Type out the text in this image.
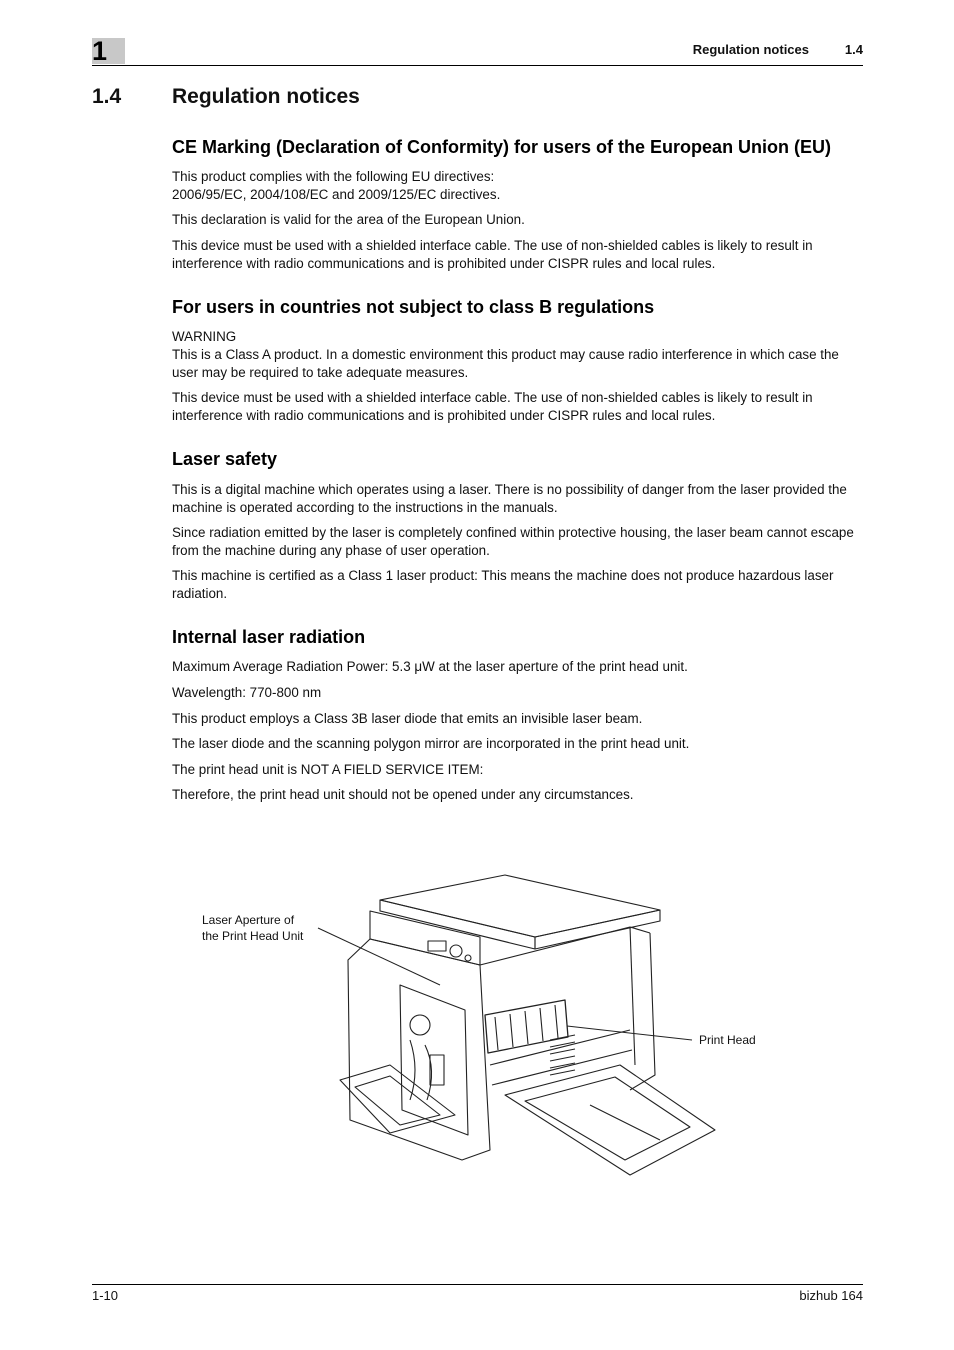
1	Regulation notices	1.4
1.4 Regulation notices
CE Marking (Declaration of Conformity) for users of the European Union (EU)

This product complies with the following EU directives:
2006/95/EC, 2004/108/EC and 2009/125/EC directives.

This declaration is valid for the area of the European Union.

This device must be used with a shielded interface cable. The use of non-shielded cables is likely to result in interference with radio communications and is prohibited under CISPR rules and local rules.

For users in countries not subject to class B regulations

WARNING
This is a Class A product. In a domestic environment this product may cause radio interference in which case the user may be required to take adequate measures.

This device must be used with a shielded interface cable. The use of non-shielded cables is likely to result in interference with radio communications and is prohibited under CISPR rules and local rules.

Laser safety

This is a digital machine which operates using a laser. There is no possibility of danger from the laser provided the machine is operated according to the instructions in the manuals.

Since radiation emitted by the laser is completely confined within protective housing, the laser beam cannot escape from the machine during any phase of user operation.

This machine is certified as a Class 1 laser product: This means the machine does not produce hazardous laser radiation.

Internal laser radiation

Maximum Average Radiation Power: 5.3 μW at the laser aperture of the print head unit.

Wavelength: 770-800 nm

This product employs a Class 3B laser diode that emits an invisible laser beam.

The laser diode and the scanning polygon mirror are incorporated in the print head unit.

The print head unit is NOT A FIELD SERVICE ITEM:

Therefore, the print head unit should not be opened under any circumstances.

Laser Aperture of
the Print Head Unit
Print Head
1-10	bizhub 164
